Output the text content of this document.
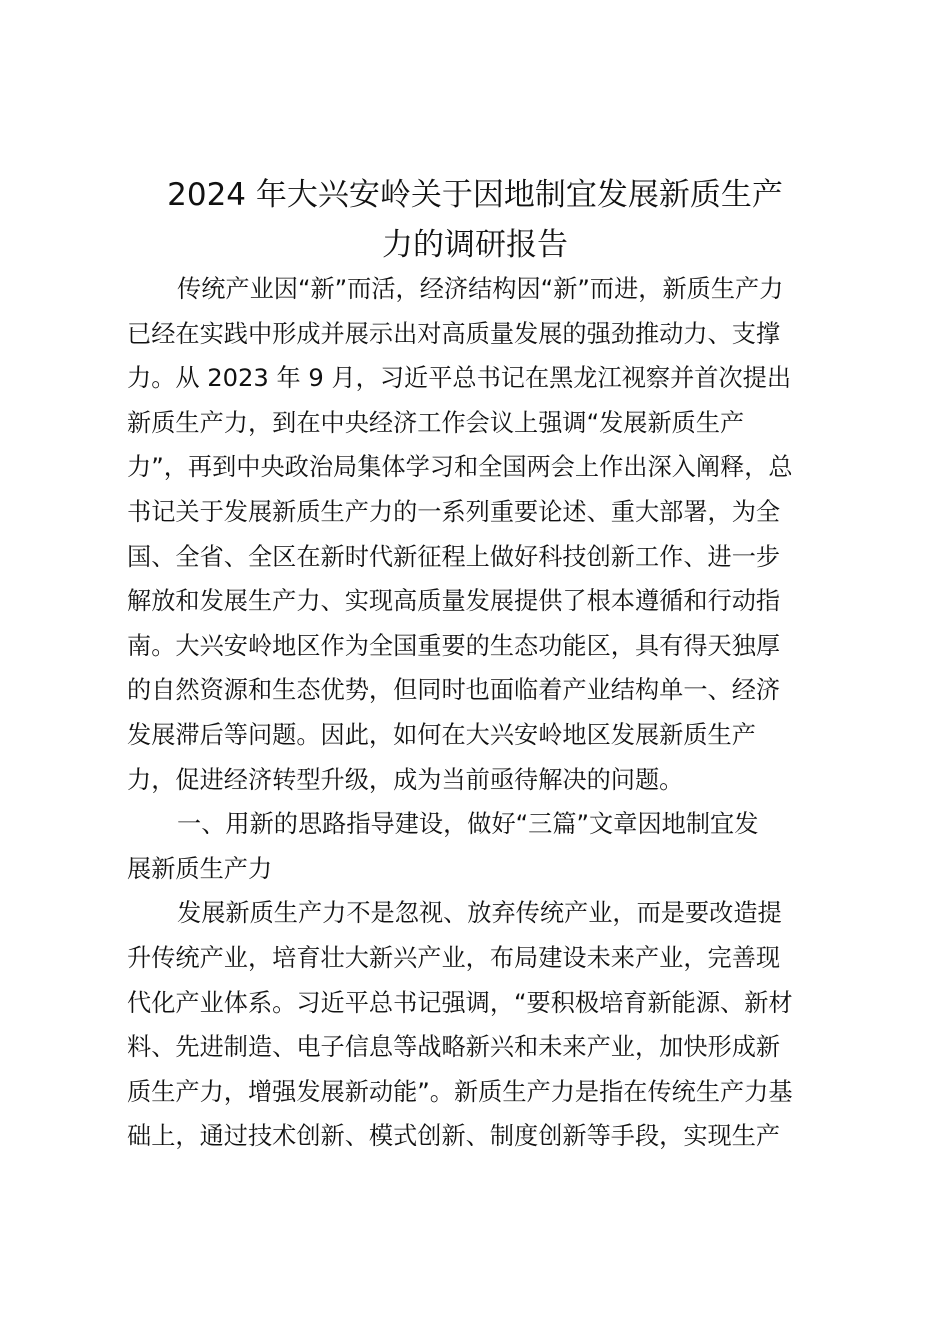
2024 年大兴安岭关于因地制宜发展新质生产
力的调研报告
传统产业因“新”而活，经济结构因“新”而进，新质生产力
已经在实践中形成并展示出对高质量发展的强劲推动力、支撑
力。从 2023 年 9 月，习近平总书记在黑龙江视察并首次提出
新质生产力，到在中央经济工作会议上强调“发展新质生产
力”，再到中央政治局集体学习和全国两会上作出深入阐释，总
书记关于发展新质生产力的一系列重要论述、重大部署，为全
国、全省、全区在新时代新征程上做好科技创新工作、进一步
解放和发展生产力、实现高质量发展提供了根本遵循和行动指
南。大兴安岭地区作为全国重要的生态功能区，具有得天独厚
的自然资源和生态优势，但同时也面临着产业结构单一、经济
发展滞后等问题。因此，如何在大兴安岭地区发展新质生产
力，促进经济转型升级，成为当前亟待解决的问题。
一、用新的思路指导建设，做好“三篇”文章因地制宜发
展新质生产力
发展新质生产力不是忽视、放弃传统产业，而是要改造提
升传统产业，培育壮大新兴产业，布局建设未来产业，完善现
代化产业体系。习近平总书记强调，“要积极培育新能源、新材
料、先进制造、电子信息等战略新兴和未来产业，加快形成新
质生产力，增强发展新动能”。新质生产力是指在传统生产力基
础上，通过技术创新、模式创新、制度创新等手段，实现生产
